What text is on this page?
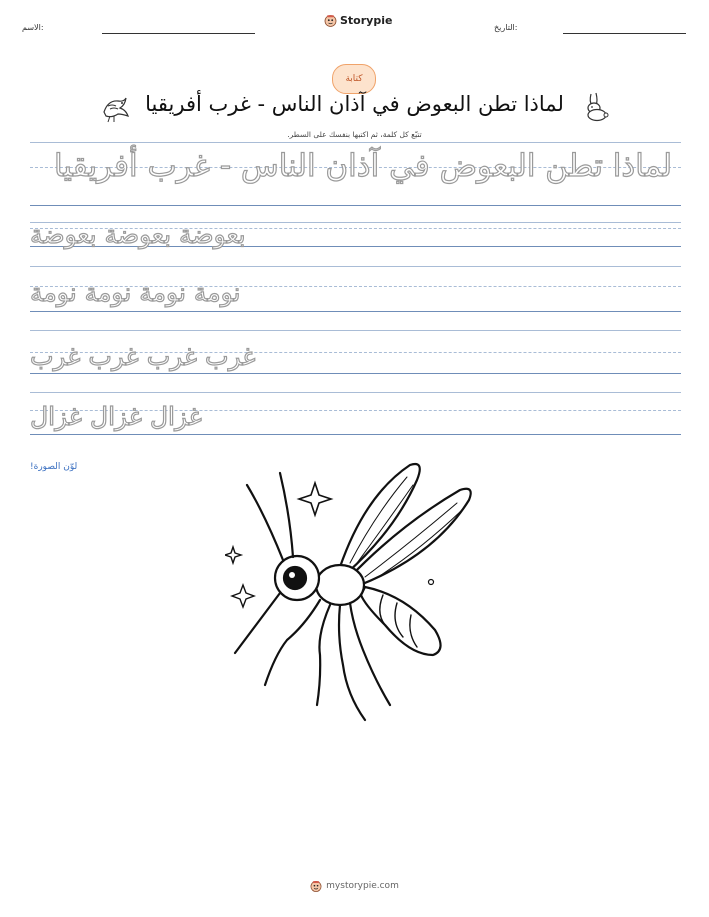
الاسم:
Storypie
التاريخ:
كتابة
لماذا تطن البعوض في آذان الناس - غرب أفريقيا
تتبّع كل كلمة، ثم اكتبها بنفسك على السطر.
لماذا تطن البعوض في آذان الناس - غرب أفريقيا
بعوضة بعوضة بعوضة
نومة نومة نومة نومة
غرب غرب غرب غرب
غزال غزال غزال
لوّن الصورة!
mystorypie.com
